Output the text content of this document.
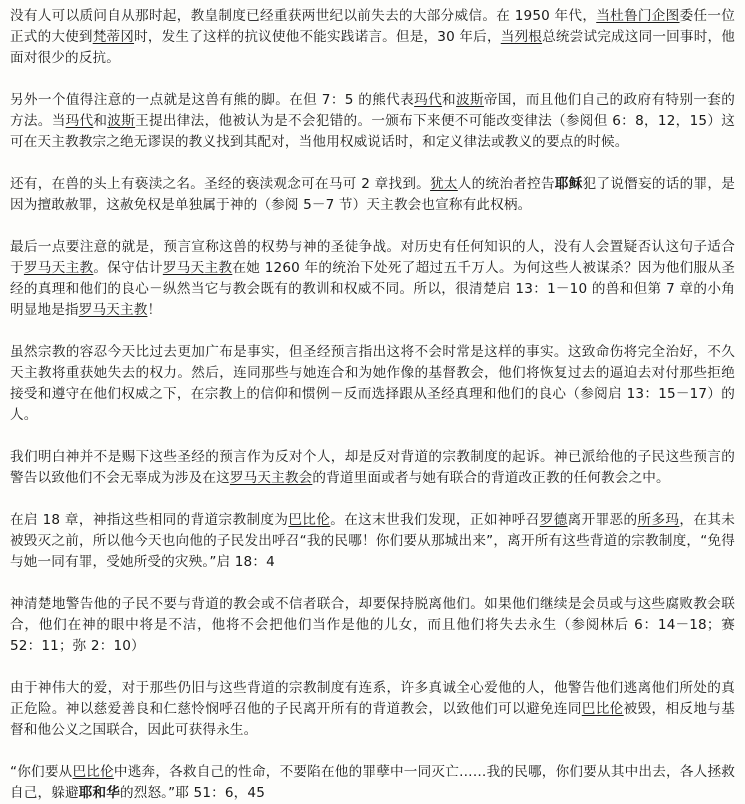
没有人可以质问自从那时起，教皇制度已经重获两世纪以前失去的大部分威信。在 1950 年代，当杜鲁门企图委任一位正式的大使到梵蒂冈时，发生了这样的抗议使他不能实践诺言。但是，30 年后，当列根总统尝试完成这同一回事时，他面对很少的反抗。

另外一个值得注意的一点就是这兽有熊的脚。在但 7：5 的熊代表玛代和波斯帝国，而且他们自己的政府有特别一套的方法。当玛代和波斯王提出律法，他被认为是不会犯错的。一颁布下来便不可能改变律法（参阅但 6：8，12，15）这可在天主教教宗之绝无谬误的教义找到其配对，当他用权威说话时，和定义律法或教义的要点的时候。

还有，在兽的头上有亵渎之名。圣经的亵渎观念可在马可 2 章找到。犹太人的统治者控告耶稣犯了说僭妄的话的罪，是因为擅敢赦罪，这赦免权是单独属于神的（参阅 5－7 节）天主教会也宣称有此权柄。

最后一点要注意的就是，预言宣称这兽的权势与神的圣徒争战。对历史有任何知识的人，没有人会置疑否认这句子适合于罗马天主教。保守估计罗马天主教在她 1260 年的统治下处死了超过五千万人。为何这些人被谋杀？因为他们服从圣经的真理和他们的良心－纵然当它与教会既有的教训和权威不同。所以，很清楚启 13：1－10 的兽和但第 7 章的小角明显地是指罗马天主教！

虽然宗教的容忍今天比过去更加广布是事实，但圣经预言指出这将不会时常是这样的事实。这致命伤将完全治好，不久天主教将重获她失去的权力。然后，连同那些与她连合和为她作像的基督教会，他们将恢复过去的逼迫去对付那些拒绝接受和遵守在他们权威之下，在宗教上的信仰和惯例－反而选择跟从圣经真理和他们的良心（参阅启 13：15－17）的人。

我们明白神并不是赐下这些圣经的预言作为反对个人，却是反对背道的宗教制度的起诉。神已派给他的子民这些预言的警告以致他们不会无辜成为涉及在这罗马天主教会的背道里面或者与她有联合的背道改正教的任何教会之中。

在启 18 章，神指这些相同的背道宗教制度为巴比伦。在这末世我们发现，正如神呼召罗德离开罪恶的所多玛，在其未被毁灭之前，所以他今天也向他的子民发出呼召“我的民哪！你们要从那城出来”，离开所有这些背道的宗教制度，“免得与她一同有罪，受她所受的灾殃。”启 18：4

神清楚地警告他的子民不要与背道的教会或不信者联合，却要保持脱离他们。如果他们继续是会员或与这些腐败教会联合，他们在神的眼中将是不洁，他将不会把他们当作是他的儿女，而且他们将失去永生（参阅林后 6：14－18；赛 52：11；弥 2：10）

由于神伟大的爱，对于那些仍旧与这些背道的宗教制度有连系，许多真诚全心爱他的人，他警告他们逃离他们所处的真正危险。神以慈爱善良和仁慈怜悯呼召他的子民离开所有的背道教会，以致他们可以避免连同巴比伦被毁，相反地与基督和他公义之国联合，因此可获得永生。

“你们要从巴比伦中逃奔，各救自己的性命，不要陷在他的罪孽中一同灭亡……我的民哪，你们要从其中出去，各人拯救自己，躲避耶和华的烈怒。”耶 51：6，45
